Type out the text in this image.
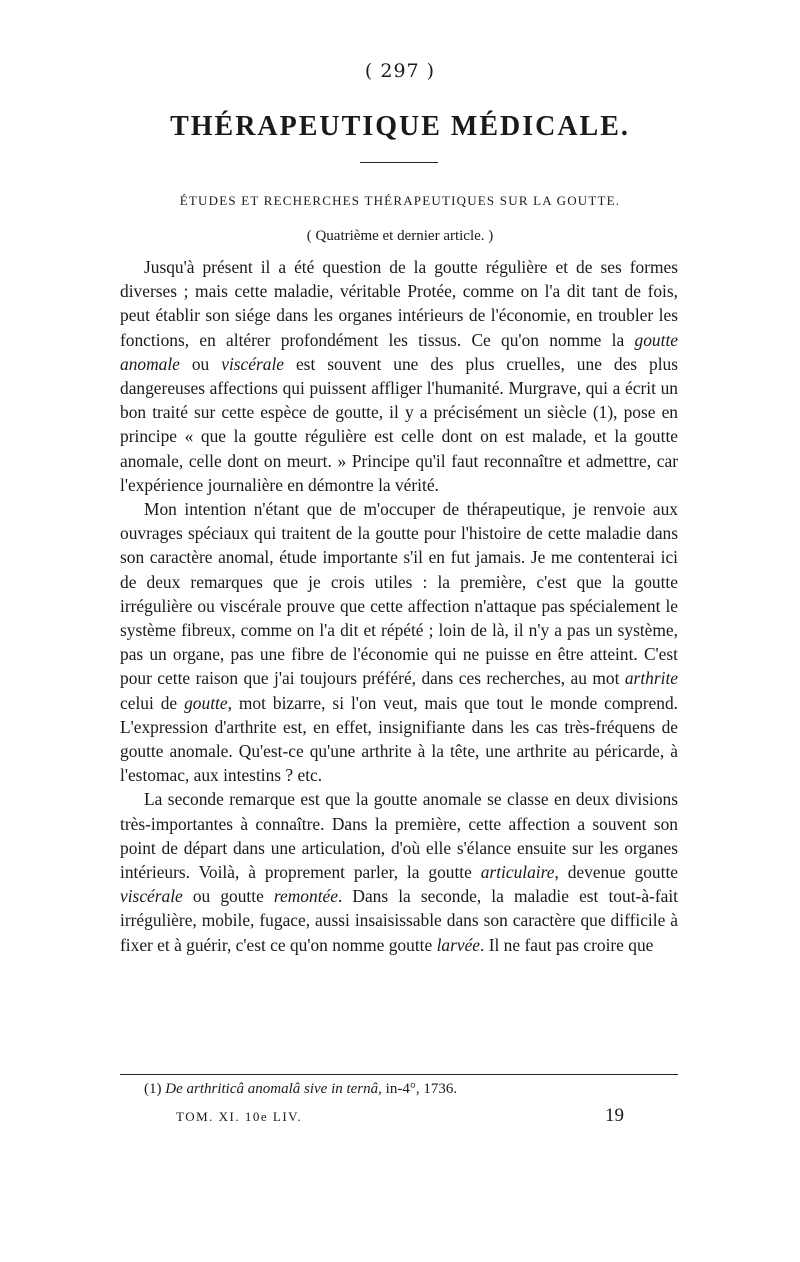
( 297 )
THÉRAPEUTIQUE MÉDICALE.
ÉTUDES ET RECHERCHES THÉRAPEUTIQUES SUR LA GOUTTE.
( Quatrième et dernier article. )

Jusqu'à présent il a été question de la goutte régulière et de ses formes diverses ; mais cette maladie, véritable Protée, comme on l'a dit tant de fois, peut établir son siége dans les organes intérieurs de l'économie, en troubler les fonctions, en altérer profondément les tissus. Ce qu'on nomme la goutte anomale ou viscérale est souvent une des plus cruelles, une des plus dangereuses affections qui puissent affliger l'humanité. Murgrave, qui a écrit un bon traité sur cette espèce de goutte, il y a précisément un siècle (1), pose en principe « que la goutte régulière est celle dont on est malade, et la goutte anomale, celle dont on meurt. » Principe qu'il faut reconnaître et admettre, car l'expérience journalière en démontre la vérité.

Mon intention n'étant que de m'occuper de thérapeutique, je renvoie aux ouvrages spéciaux qui traitent de la goutte pour l'histoire de cette maladie dans son caractère anomal, étude importante s'il en fut jamais. Je me contenterai ici de deux remarques que je crois utiles : la première, c'est que la goutte irrégulière ou viscérale prouve que cette affection n'attaque pas spécialement le système fibreux, comme on l'a dit et répété ; loin de là, il n'y a pas un système, pas un organe, pas une fibre de l'économie qui ne puisse en être atteint. C'est pour cette raison que j'ai toujours préféré, dans ces recherches, au mot arthrite celui de goutte, mot bizarre, si l'on veut, mais que tout le monde comprend. L'expression d'arthrite est, en effet, insignifiante dans les cas très-fréquens de goutte anomale. Qu'est-ce qu'une arthrite à la tête, une arthrite au péricarde, à l'estomac, aux intestins ? etc.

La seconde remarque est que la goutte anomale se classe en deux divisions très-importantes à connaître. Dans la première, cette affection a souvent son point de départ dans une articulation, d'où elle s'élance ensuite sur les organes intérieurs. Voilà, à proprement parler, la goutte articulaire, devenue goutte viscérale ou goutte remontée. Dans la seconde, la maladie est tout-à-fait irrégulière, mobile, fugace, aussi insaisissable dans son caractère que difficile à fixer et à guérir, c'est ce qu'on nomme goutte larvée. Il ne faut pas croire que

(1) De arthriticâ anomalâ sive in ternâ, in-4°, 1736.
TOM. XI. 10e LIV.	19
